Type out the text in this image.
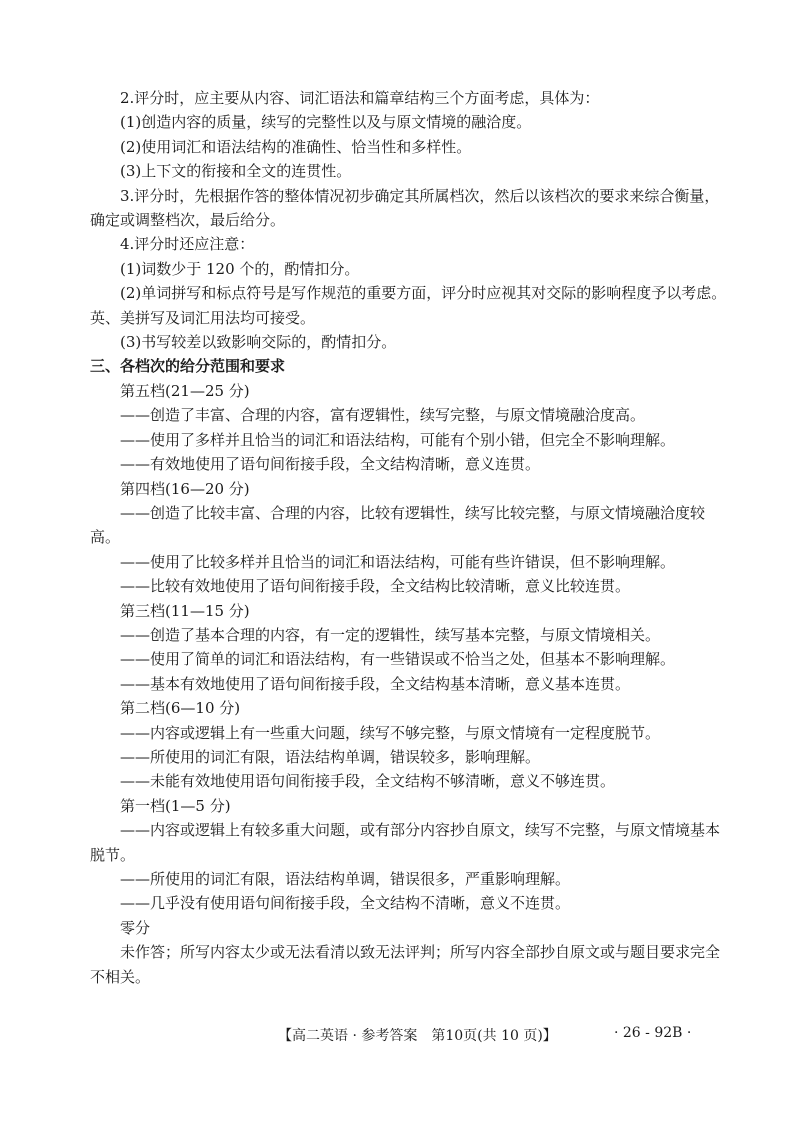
2.评分时，应主要从内容、词汇语法和篇章结构三个方面考虑，具体为：

(1)创造内容的质量，续写的完整性以及与原文情境的融洽度。

(2)使用词汇和语法结构的准确性、恰当性和多样性。

(3)上下文的衔接和全文的连贯性。

3.评分时，先根据作答的整体情况初步确定其所属档次，然后以该档次的要求来综合衡量，确定或调整档次，最后给分。

4.评分时还应注意：

(1)词数少于 120 个的，酌情扣分。

(2)单词拼写和标点符号是写作规范的重要方面，评分时应视其对交际的影响程度予以考虑。英、美拼写及词汇用法均可接受。

(3)书写较差以致影响交际的，酌情扣分。

三、各档次的给分范围和要求

第五档(21—25 分)

——创造了丰富、合理的内容，富有逻辑性，续写完整，与原文情境融洽度高。

——使用了多样并且恰当的词汇和语法结构，可能有个别小错，但完全不影响理解。

——有效地使用了语句间衔接手段，全文结构清晰，意义连贯。

第四档(16—20 分)

——创造了比较丰富、合理的内容，比较有逻辑性，续写比较完整，与原文情境融洽度较高。

——使用了比较多样并且恰当的词汇和语法结构，可能有些许错误，但不影响理解。

——比较有效地使用了语句间衔接手段，全文结构比较清晰，意义比较连贯。

第三档(11—15 分)

——创造了基本合理的内容，有一定的逻辑性，续写基本完整，与原文情境相关。

——使用了简单的词汇和语法结构，有一些错误或不恰当之处，但基本不影响理解。

——基本有效地使用了语句间衔接手段，全文结构基本清晰，意义基本连贯。

第二档(6—10 分)

——内容或逻辑上有一些重大问题，续写不够完整，与原文情境有一定程度脱节。

——所使用的词汇有限，语法结构单调，错误较多，影响理解。

——未能有效地使用语句间衔接手段，全文结构不够清晰，意义不够连贯。

第一档(1—5 分)

——内容或逻辑上有较多重大问题，或有部分内容抄自原文，续写不完整，与原文情境基本脱节。

——所使用的词汇有限，语法结构单调，错误很多，严重影响理解。

——几乎没有使用语句间衔接手段，全文结构不清晰，意义不连贯。

零分

未作答；所写内容太少或无法看清以致无法评判；所写内容全部抄自原文或与题目要求完全不相关。

【高二英语 · 参考答案　第10页(共 10 页)】	· 26 - 92B ·
